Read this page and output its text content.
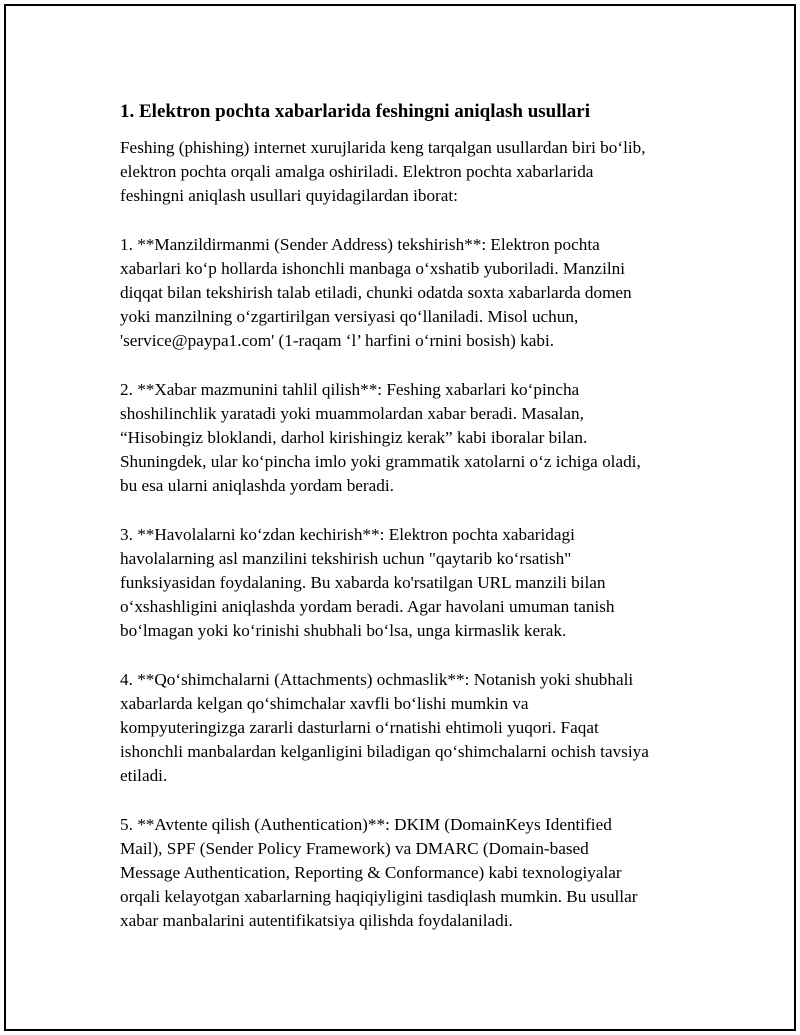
1. Elektron pochta xabarlarida feshingni aniqlash usullari

Feshing (phishing) internet xurujlarida keng tarqalgan usullardan biri bo‘lib,
elektron pochta orqali amalga oshiriladi. Elektron pochta xabarlarida
feshingni aniqlash usullari quyidagilardan iborat:

1. **Manzildirmanmi (Sender Address) tekshirish**: Elektron pochta
xabarlari ko‘p hollarda ishonchli manbaga o‘xshatib yuboriladi. Manzilni
diqqat bilan tekshirish talab etiladi, chunki odatda soxta xabarlarda domen
yoki manzilning o‘zgartirilgan versiyasi qo‘llaniladi. Misol uchun,
'service@paypa1.com' (1-raqam ‘l’ harfini o‘rnini bosish) kabi.

2. **Xabar mazmunini tahlil qilish**: Feshing xabarlari ko‘pincha
shoshilinchlik yaratadi yoki muammolardan xabar beradi. Masalan,
“Hisobingiz bloklandi, darhol kirishingiz kerak” kabi iboralar bilan.
Shuningdek, ular ko‘pincha imlo yoki grammatik xatolarni o‘z ichiga oladi,
bu esa ularni aniqlashda yordam beradi.

3. **Havolalarni ko‘zdan kechirish**: Elektron pochta xabaridagi
havolalarning asl manzilini tekshirish uchun "qaytarib ko‘rsatish"
funksiyasidan foydalaning. Bu xabarda ko'rsatilgan URL manzili bilan
o‘xshashligini aniqlashda yordam beradi. Agar havolani umuman tanish
bo‘lmagan yoki ko‘rinishi shubhali bo‘lsa, unga kirmaslik kerak.

4. **Qo‘shimchalarni (Attachments) ochmaslik**: Notanish yoki shubhali
xabarlarda kelgan qo‘shimchalar xavfli bo‘lishi mumkin va
kompyuteringizga zararli dasturlarni o‘rnatishi ehtimoli yuqori. Faqat
ishonchli manbalardan kelganligini biladigan qo‘shimchalarni ochish tavsiya
etiladi.

5. **Avtente qilish (Authentication)**: DKIM (DomainKeys Identified
Mail), SPF (Sender Policy Framework) va DMARC (Domain-based
Message Authentication, Reporting & Conformance) kabi texnologiyalar
orqali kelayotgan xabarlarning haqiqiyligini tasdiqlash mumkin. Bu usullar
xabar manbalarini autentifikatsiya qilishda foydalaniladi.
